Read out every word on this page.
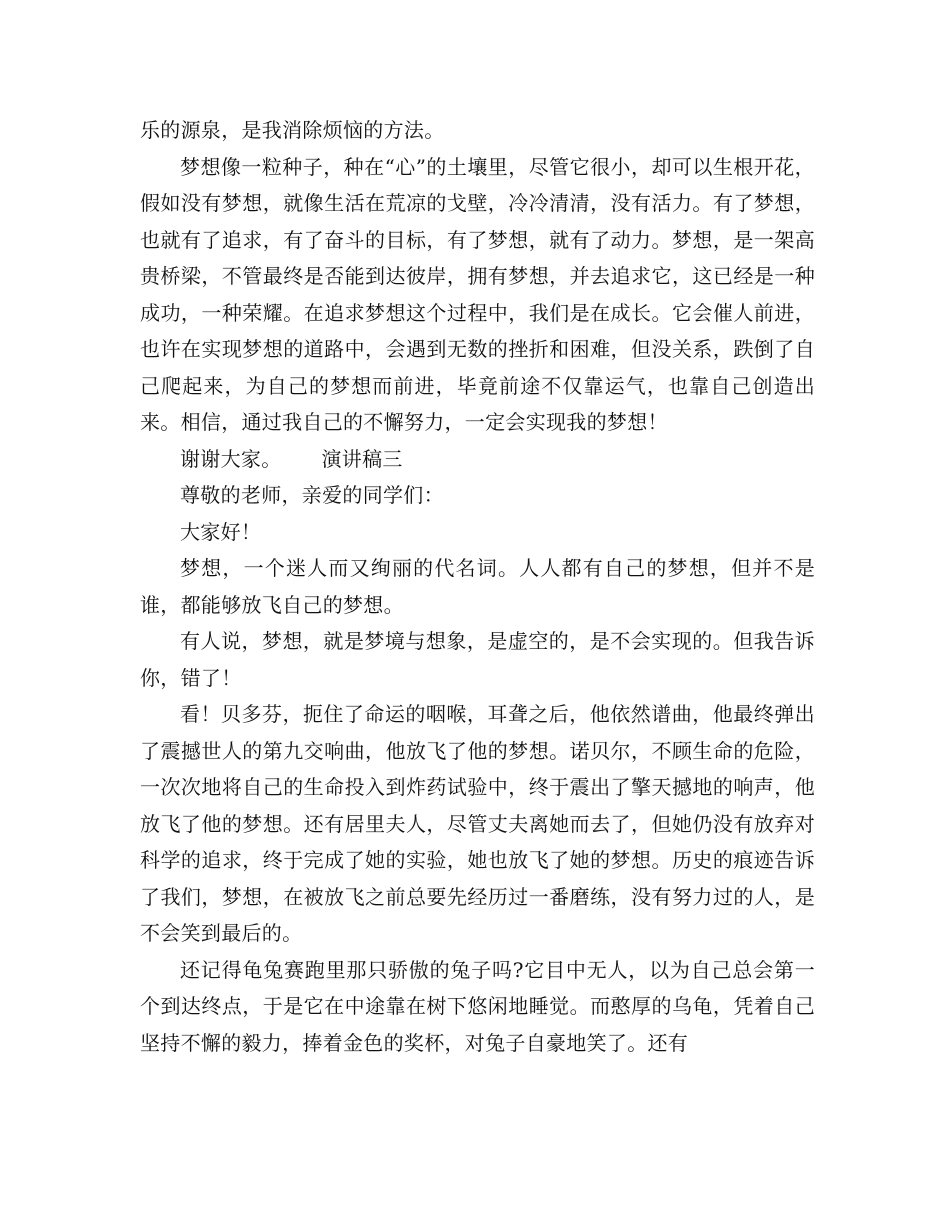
乐的源泉，是我消除烦恼的方法。

梦想像一粒种子，种在“心”的土壤里，尽管它很小，却可以生根开花，假如没有梦想，就像生活在荒凉的戈壁，冷冷清清，没有活力。有了梦想，也就有了追求，有了奋斗的目标，有了梦想，就有了动力。梦想，是一架高贵桥梁，不管最终是否能到达彼岸，拥有梦想，并去追求它，这已经是一种成功，一种荣耀。在追求梦想这个过程中，我们是在成长。它会催人前进，也许在实现梦想的道路中，会遇到无数的挫折和困难，但没关系，跌倒了自己爬起来，为自己的梦想而前进，毕竟前途不仅靠运气，也靠自己创造出来。相信，通过我自己的不懈努力，一定会实现我的梦想！

谢谢大家。 演讲稿三

尊敬的老师，亲爱的同学们：

大家好！

梦想，一个迷人而又绚丽的代名词。人人都有自己的梦想，但并不是谁，都能够放飞自己的梦想。

有人说，梦想，就是梦境与想象，是虚空的，是不会实现的。但我告诉你，错了！

看！贝多芬，扼住了命运的咽喉，耳聋之后，他依然谱曲，他最终弹出了震撼世人的第九交响曲，他放飞了他的梦想。诺贝尔，不顾生命的危险，一次次地将自己的生命投入到炸药试验中，终于震出了擎天撼地的响声，他放飞了他的梦想。还有居里夫人，尽管丈夫离她而去了，但她仍没有放弃对科学的追求，终于完成了她的实验，她也放飞了她的梦想。历史的痕迹告诉了我们，梦想，在被放飞之前总要先经历过一番磨练，没有努力过的人，是不会笑到最后的。

还记得龟兔赛跑里那只骄傲的兔子吗?它目中无人，以为自己总会第一个到达终点，于是它在中途靠在树下悠闲地睡觉。而憨厚的乌龟，凭着自己坚持不懈的毅力，捧着金色的奖杯，对兔子自豪地笑了。还有
